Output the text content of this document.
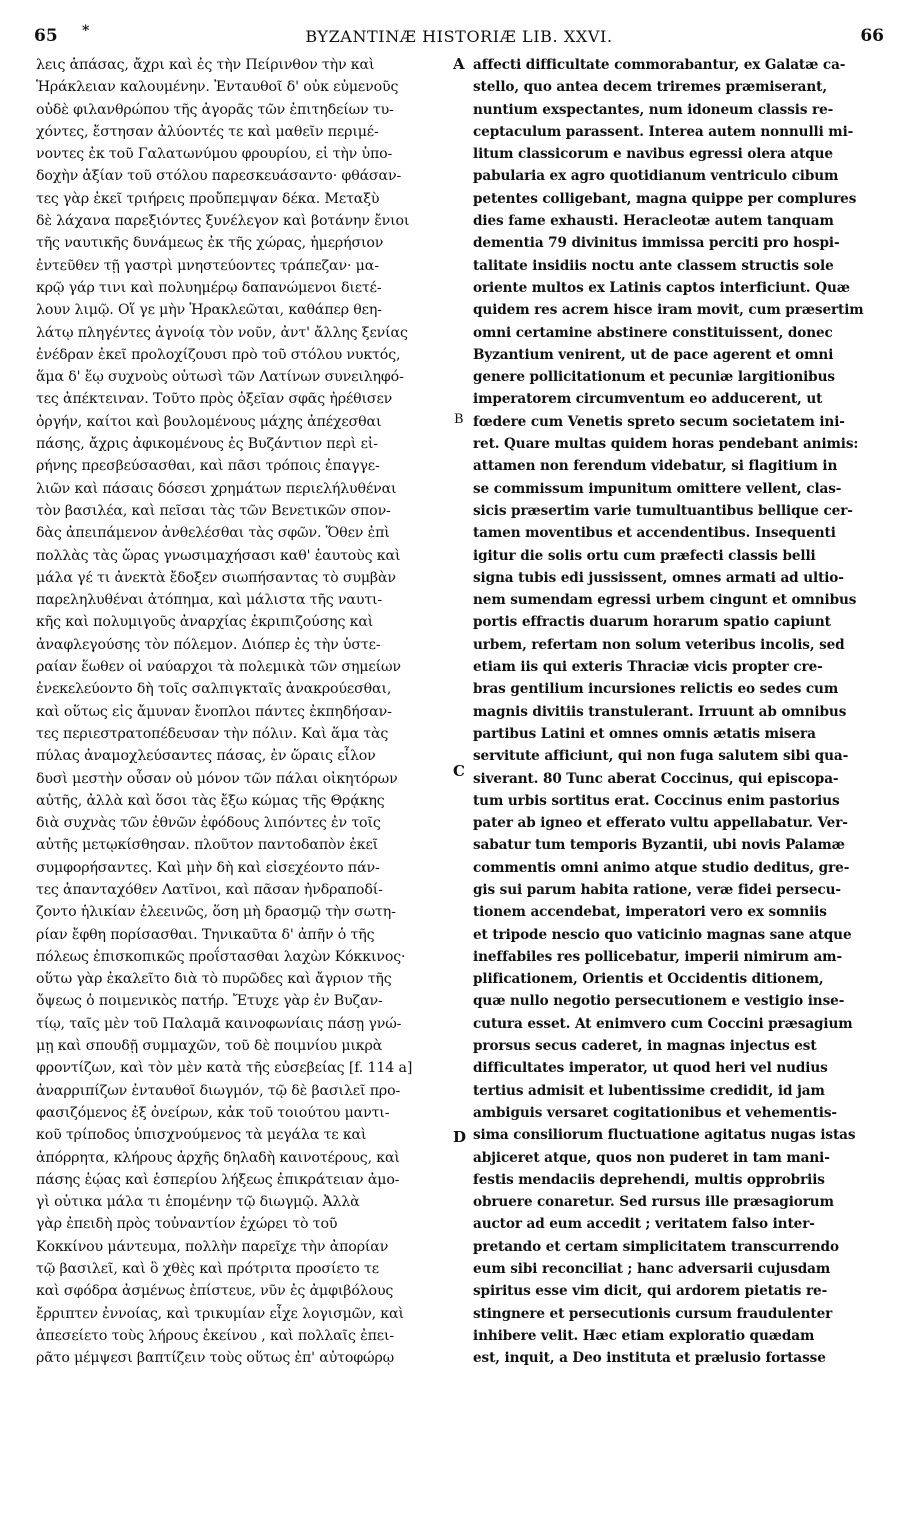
65 *	BYZANTINÆ HISTORIÆ LIB. XXVI.	66
λεις ἁπάσας, ἄχρι καὶ ἐς τὴν Πείρινθον τὴν καὶ
Ἡράκλειαν καλουμένην. Ἐνταυθοῖ δ' οὐκ εὐμενοῦς
οὐδὲ φιλανθρώπου τῆς ἀγορᾶς τῶν ἐπιτηδείων τυ-
χόντες, ἔστησαν ἀλύοντές τε καὶ μαθεῖν περιμέ-
νοντες ἐκ τοῦ Γαλατωνύμου φρουρίου, εἰ τὴν ὑπο-
δοχὴν ἀξίαν τοῦ στόλου παρεσκευάσαντο· φθάσαν-
τες γὰρ ἐκεῖ τριήρεις προὔπεμψαν δέκα. Μεταξὺ
δὲ λάχανα παρεξιόντες ξυνέλεγον καὶ βοτάνην ἔνιοι
τῆς ναυτικῆς δυνάμεως ἐκ τῆς χώρας, ἡμερήσιον
ἐντεῦθεν τῇ γαστρὶ μνηστεύοντες τράπεζαν· μα-
κρῷ γάρ τινι καὶ πολυημέρῳ δαπανώμενοι διετέ-
λουν λιμῷ. Οἵ γε μὴν Ἡρακλεῶται, καθάπερ θεη-
λάτῳ πληγέντες ἀγνοίᾳ τὸν νοῦν, ἀντ' ἄλλης ξενίας
ἐνέδραν ἐκεῖ προλοχίζουσι πρὸ τοῦ στόλου νυκτός,
ἅμα δ' ἕῳ συχνοὺς οὑτωσὶ τῶν Λατίνων συνειληφό-
τες ἀπέκτειναν. Τοῦτο πρὸς ὀξεῖαν σφᾶς ἠρέθισεν
ὀργήν, καίτοι καὶ βουλομένους μάχης ἀπέχεσθαι
πάσης, ἄχρις ἀφικομένους ἐς Βυζάντιον περὶ εἰ-
ρήνης πρεσβεύσασθαι, καὶ πᾶσι τρόποις ἐπαγγε-
λιῶν καὶ πάσαις δόσεσι χρημάτων περιελήλυθέναι
τὸν βασιλέα, καὶ πεῖσαι τὰς τῶν Βενετικῶν σπον-
δὰς ἀπειπάμενον ἀνθελέσθαι τὰς σφῶν. Ὅθεν ἐπὶ
πολλὰς τὰς ὥρας γνωσιμαχήσασι καθ' ἑαυτοὺς καὶ
μάλα γέ τι ἀνεκτὰ ἔδοξεν σιωπήσαντας τὸ συμβὰν
παρεληλυθέναι ἀτόπημα, καὶ μάλιστα τῆς ναυτι-
κῆς καὶ πολυμιγοῦς ἀναρχίας ἐκριπιζούσης καὶ
ἀναφλεγούσης τὸν πόλεμον. Διόπερ ἐς τὴν ὑστε-
ραίαν ἕωθεν οἱ ναύαρχοι τὰ πολεμικὰ τῶν σημείων
ἐνεκελεύοντο δὴ τοῖς σαλπιγκταῖς ἀνακρούεσθαι,
καὶ οὕτως εἰς ἄμυναν ἔνοπλοι πάντες ἐκπηδήσαν-
τες περιεστρατοπέδευσαν τὴν πόλιν. Καὶ ἅμα τὰς
πύλας ἀναμοχλεύσαντες πάσας, ἐν ὥραις εἷλον
δυσὶ μεστὴν οὖσαν οὐ μόνον τῶν πάλαι οἰκητόρων
αὐτῆς, ἀλλὰ καὶ ὅσοι τὰς ἔξω κώμας τῆς Θρᾴκης
διὰ συχνὰς τῶν ἐθνῶν ἐφόδους λιπόντες ἐν τοῖς
αὐτῆς μετῳκίσθησαν. πλοῦτον παντοδαπὸν ἐκεῖ
συμφορήσαντες. Καὶ μὴν δὴ καὶ εἰσεχέοντο πάν-
τες ἁπανταχόθεν Λατῖνοι, καὶ πᾶσαν ἠνδραποδί-
ζοντο ἡλικίαν ἐλεεινῶς, ὅση μὴ δρασμῷ τὴν σωτη-
ρίαν ἔφθη πορίσασθαι. Τηνικαῦτα δ' ἀπῆν ὁ τῆς
πόλεως ἐπισκοπικῶς προΐστασθαι λαχὼν Κόκκινος·
οὕτω γὰρ ἐκαλεῖτο διὰ τὸ πυρῶδες καὶ ἄγριον τῆς
ὄψεως ὁ ποιμενικὸς πατήρ. Ἔτυχε γὰρ ἐν Βυζαν-
τίῳ, ταῖς μὲν τοῦ Παλαμᾶ καινοφωνίαις πάσῃ γνώ-
μῃ καὶ σπουδῇ συμμαχῶν, τοῦ δὲ ποιμνίου μικρὰ
φροντίζων, καὶ τὸν μὲν κατὰ τῆς εὐσεβείας [f. 114 a]
ἀναρριπίζων ἐνταυθοῖ διωγμόν, τῷ δὲ βασιλεῖ προ-
φασιζόμενος ἐξ ὀνείρων, κἀκ τοῦ τοιούτου μαντι-
κοῦ τρίποδος ὑπισχνούμενος τὰ μεγάλα τε καὶ
ἀπόρρητα, κλήρους ἀρχῆς δηλαδὴ καινοτέρους, καὶ
πάσης ἑῴας καὶ ἑσπερίου λήξεως ἐπικράτειαν ἀμο-
γὶ οὑτικα μάλα τι ἑπομένην τῷ διωγμῷ. Ἀλλὰ
γὰρ ἐπειδὴ πρὸς τοὐναντίον ἐχώρει τὸ τοῦ
Κοκκίνου μάντευμα, πολλὴν παρεῖχε τὴν ἀπορίαν
τῷ βασιλεῖ, καὶ ὃ χθὲς καὶ πρότριτα προσίετο τε
καὶ σφόδρα ἀσμένως ἐπίστευε, νῦν ἐς ἀμφιβόλους
ἔρριπτεν ἐννοίας, καὶ τρικυμίαν εἶχε λογισμῶν, καὶ
ἀπεσείετο τοὺς λήρους ἐκείνου , καὶ πολλαῖς ἐπει-
ρᾶτο μέμψεσι βαπτίζειν τοὺς οὕτως ἐπ' αὐτοφώρῳ
affecti difficultate commorabantur, ex Galatæ ca-
stello, quo antea decem triremes præmiserant,
nuntium exspectantes, num idoneum classis re-
ceptaculum parassent. Interea autem nonnulli mi-
litum classicorum e navibus egressi olera atque
pabularia ex agro quotidianum ventriculo cibum
petentes colligebant, magna quippe per complures
dies fame exhausti. Heracleotæ autem tanquam
dementia 79 divinitus immissa perciti pro hospi-
talitate insidiis noctu ante classem structis sole
oriente multos ex Latinis captos interficiunt. Quæ
quidem res acrem hisce iram movit, cum præsertim
omni certamine abstinere constituissent, donec
Byzantium venirent, ut de pace agerent et omni
genere pollicitationum et pecuniæ largitionibus
imperatorem circumventum eo adducerent, ut
fœdere cum Venetis spreto secum societatem ini-
ret. Quare multas quidem horas pendebant animis:
attamen non ferendum videbatur, si flagitium in
se commissum impunitum omittere vellent, clas-
sicis præsertim varie tumultuantibus bellique cer-
tamen moventibus et accendentibus. Insequenti
igitur die solis ortu cum præfecti classis belli
signa tubis edi jussissent, omnes armati ad ultio-
nem sumendam egressi urbem cingunt et omnibus
portis effractis duarum horarum spatio capiunt
urbem, refertam non solum veteribus incolis, sed
etiam iis qui exteris Thraciæ vicis propter cre-
bras gentilium incursiones relictis eo sedes cum
magnis divitiis transtulerant. Irruunt ab omnibus
partibus Latini et omnes omnis ætatis misera
servitute afficiunt, qui non fuga salutem sibi qua-
siverant. 80 Tunc aberat Coccinus, qui episcopa-
tum urbis sortitus erat. Coccinus enim pastorius
pater ab igneo et efferato vultu appellabatur. Ver-
sabatur tum temporis Byzantii, ubi novis Palamæ
commentis omni animo atque studio deditus, gre-
gis sui parum habita ratione, veræ fidei persecu-
tionem accendebat, imperatori vero ex somniis
et tripode nescio quo vaticinio magnas sane atque
ineffabiles res pollicebatur, imperii nimirum am-
plificationem, Orientis et Occidentis ditionem,
quæ nullo negotio persecutionem e vestigio inse-
cutura esset. At enimvero cum Coccini præsagium
prorsus secus caderet, in magnas injectus est
difficultates imperator, ut quod heri vel nudius
tertius admisit et lubentissime credidit, id jam
ambiguis versaret cogitationibus et vehementis-
sima consiliorum fluctuatione agitatus nugas istas
abjiceret atque, quos non puderet in tam mani-
festis mendaciis deprehendi, multis opprobriis
obruere conaretur. Sed rursus ille præsagiorum
auctor ad eum accedit ; veritatem falso inter-
pretando et certam simplicitatem transcurrendo
eum sibi reconciliat ; hanc adversarii cujusdam
spiritus esse vim dicit, qui ardorem pietatis re-
stingnere et persecutionis cursum fraudulenter
inhibere velit. Hæc etiam exploratio quædam
est, inquit, a Deo instituta et prælusio fortasse
A
B
C
D
